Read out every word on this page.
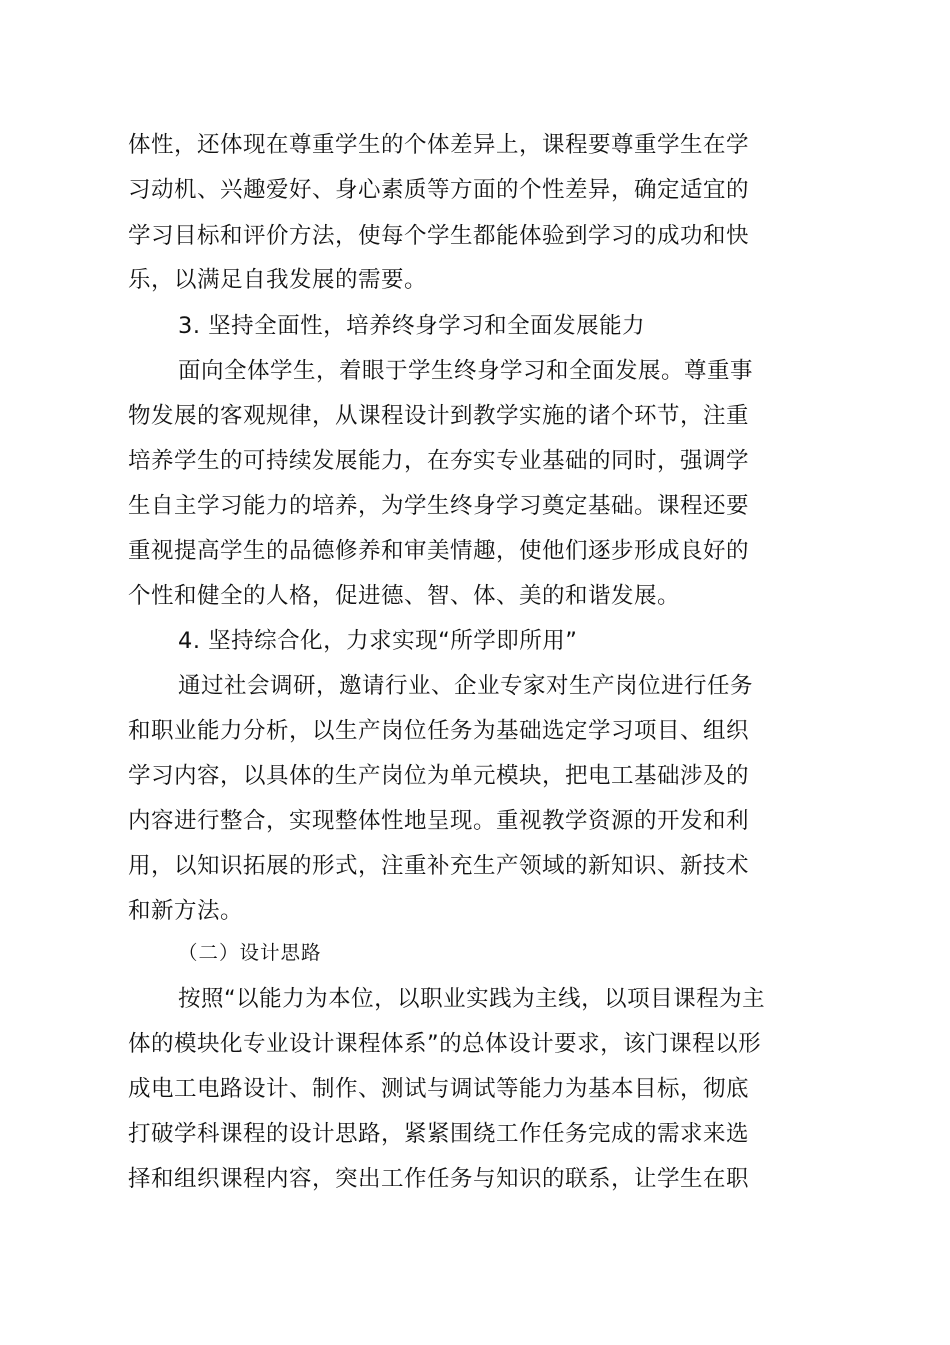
体性，还体现在尊重学生的个体差异上，课程要尊重学生在学
习动机、兴趣爱好、身心素质等方面的个性差异，确定适宜的
学习目标和评价方法，使每个学生都能体验到学习的成功和快
乐，以满足自我发展的需要。
3. 坚持全面性，培养终身学习和全面发展能力
面向全体学生，着眼于学生终身学习和全面发展。尊重事
物发展的客观规律，从课程设计到教学实施的诸个环节，注重
培养学生的可持续发展能力，在夯实专业基础的同时，强调学
生自主学习能力的培养，为学生终身学习奠定基础。课程还要
重视提高学生的品德修养和审美情趣，使他们逐步形成良好的
个性和健全的人格，促进德、智、体、美的和谐发展。
4. 坚持综合化，力求实现“所学即所用”
通过社会调研，邀请行业、企业专家对生产岗位进行任务
和职业能力分析，以生产岗位任务为基础选定学习项目、组织
学习内容，以具体的生产岗位为单元模块，把电工基础涉及的
内容进行整合，实现整体性地呈现。重视教学资源的开发和利
用，以知识拓展的形式，注重补充生产领域的新知识、新技术
和新方法。
（二）设计思路
按照“以能力为本位，以职业实践为主线，以项目课程为主
体的模块化专业设计课程体系”的总体设计要求，该门课程以形
成电工电路设计、制作、测试与调试等能力为基本目标，彻底
打破学科课程的设计思路，紧紧围绕工作任务完成的需求来选
择和组织课程内容，突出工作任务与知识的联系，让学生在职
